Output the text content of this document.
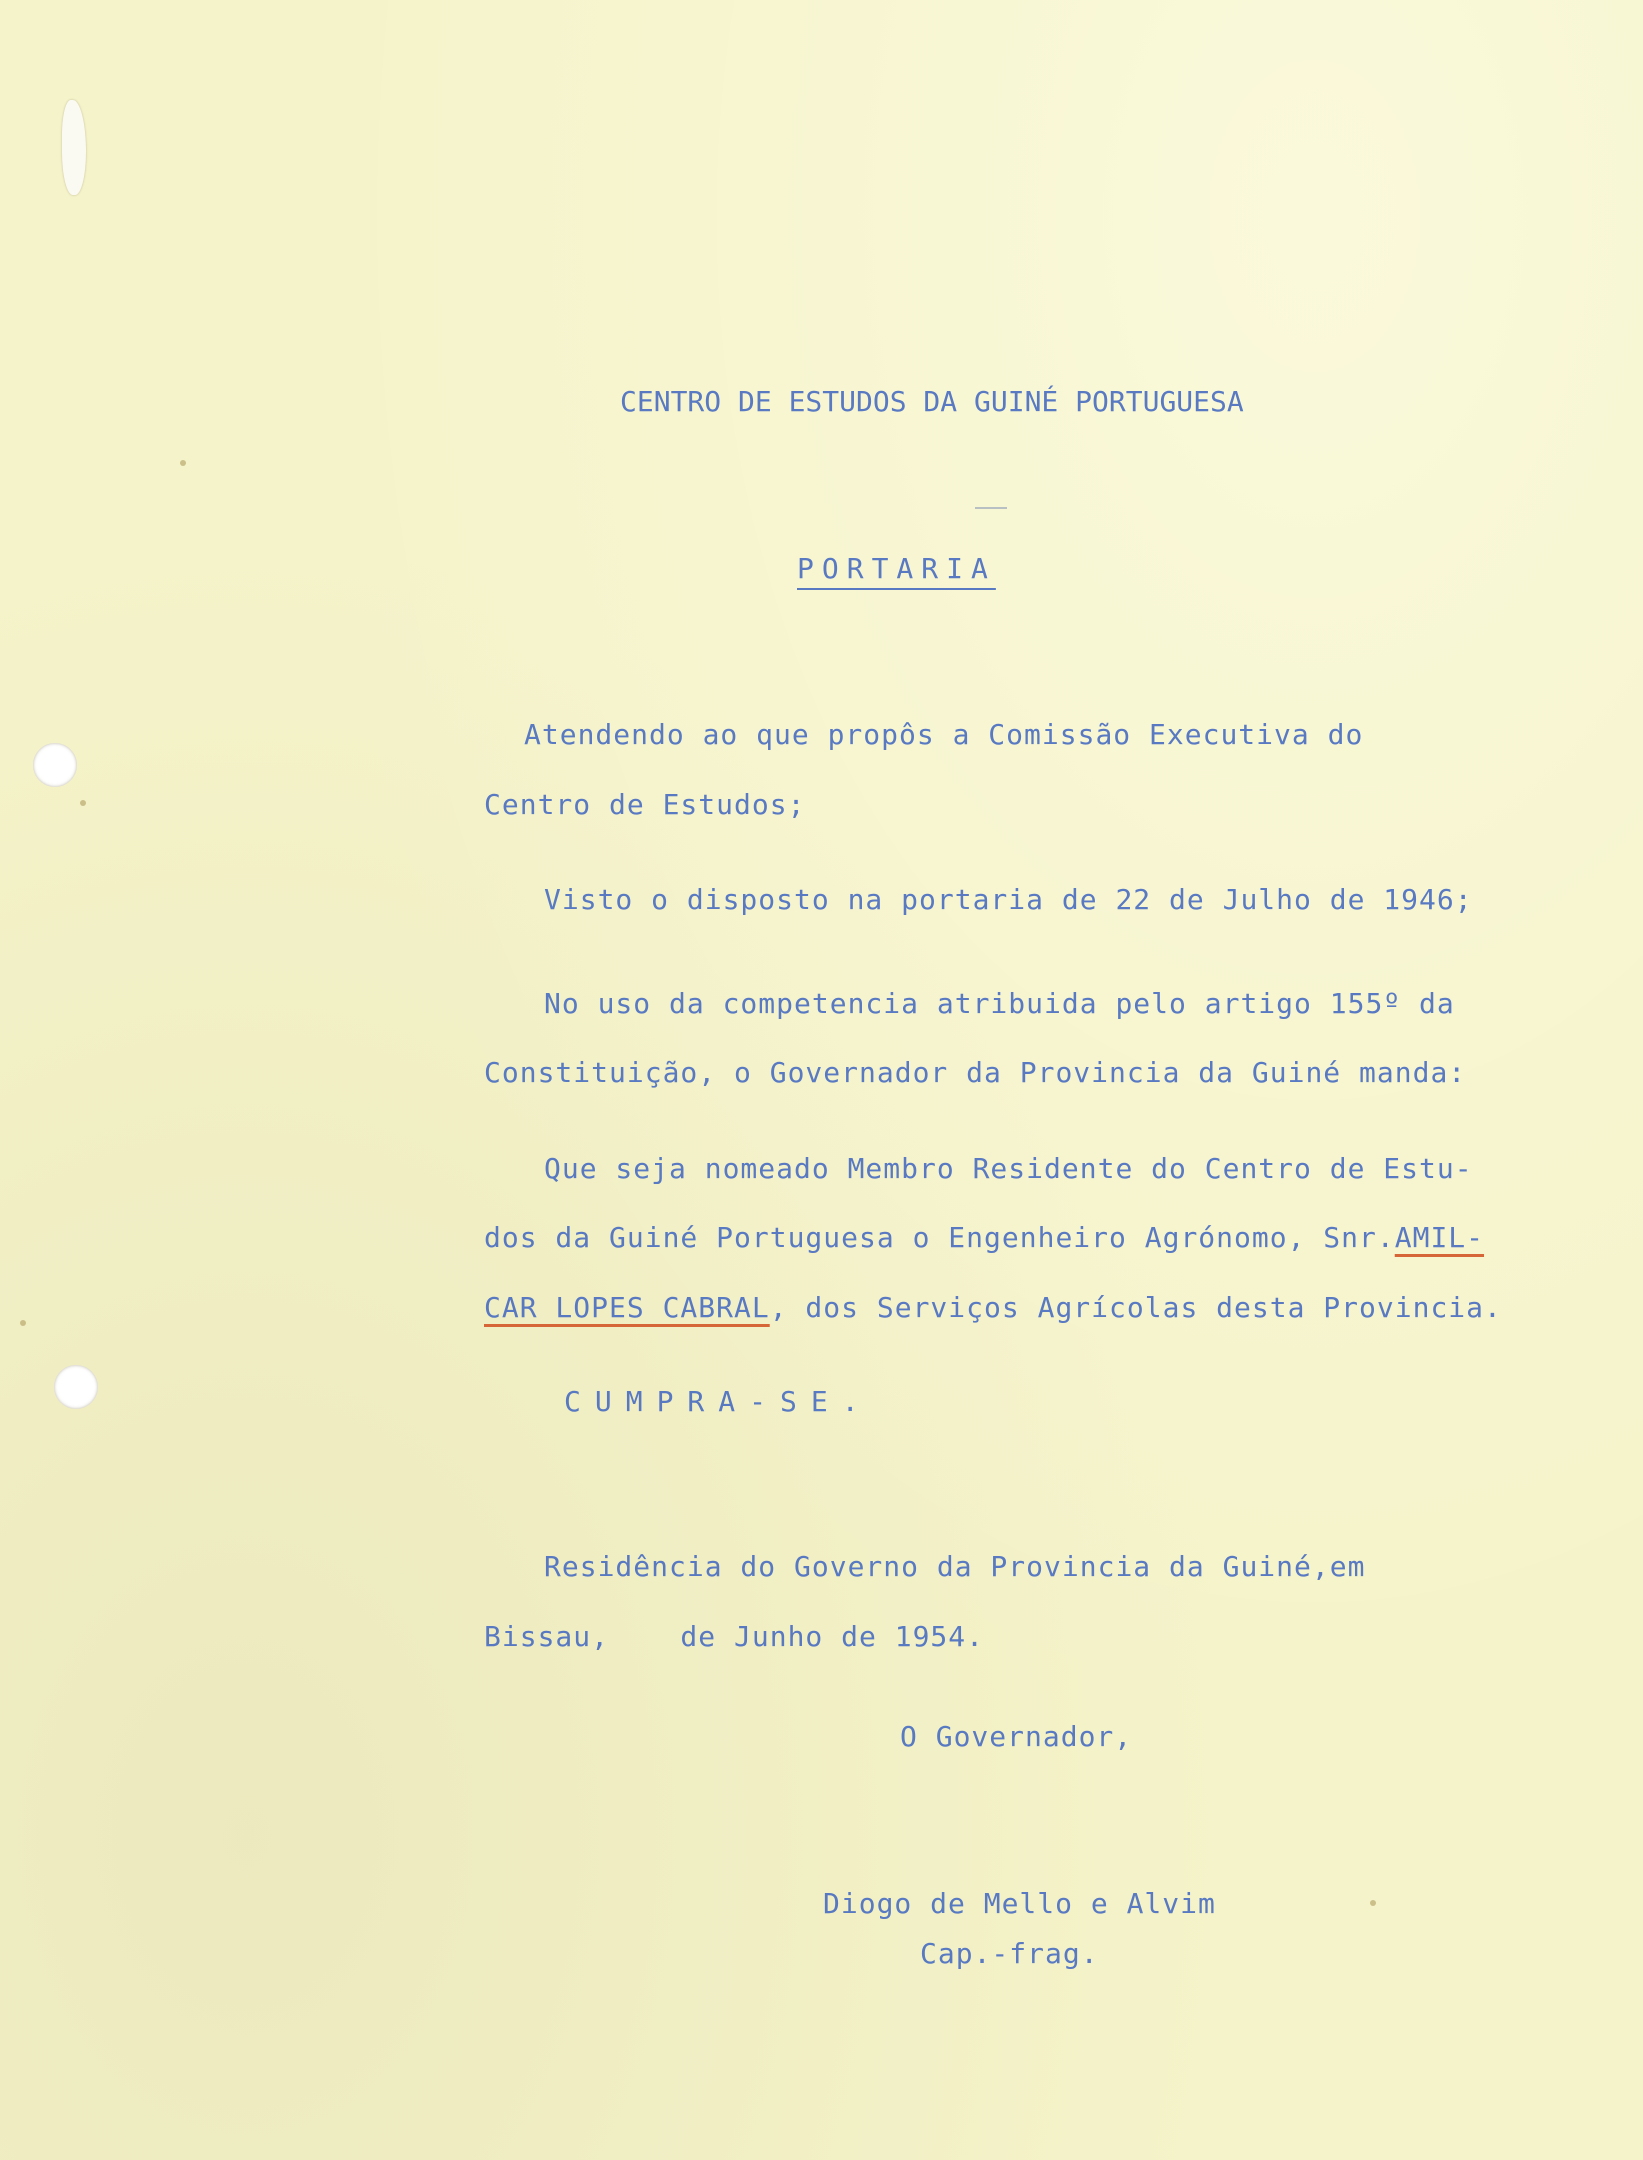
CENTRO DE ESTUDOS DA GUINÉ PORTUGUESA
PORTARIA
Atendendo ao que propôs a Comissão Executiva do
Centro de Estudos;
Visto o disposto na portaria de 22 de Julho de 1946;
No uso da competencia atribuida pelo artigo 155º da
Constituição, o Governador da Provincia da Guiné manda:
Que seja nomeado Membro Residente do Centro de Estu-
dos da Guiné Portuguesa o Engenheiro Agrónomo, Snr.AMIL-
CAR LOPES CABRAL, dos Serviços Agrícolas desta Provincia.
CUMPRA-SE.
Residência do Governo da Provincia da Guiné,em
Bissau,    de Junho de 1954.
O Governador,
Diogo de Mello e Alvim
Cap.-frag.
